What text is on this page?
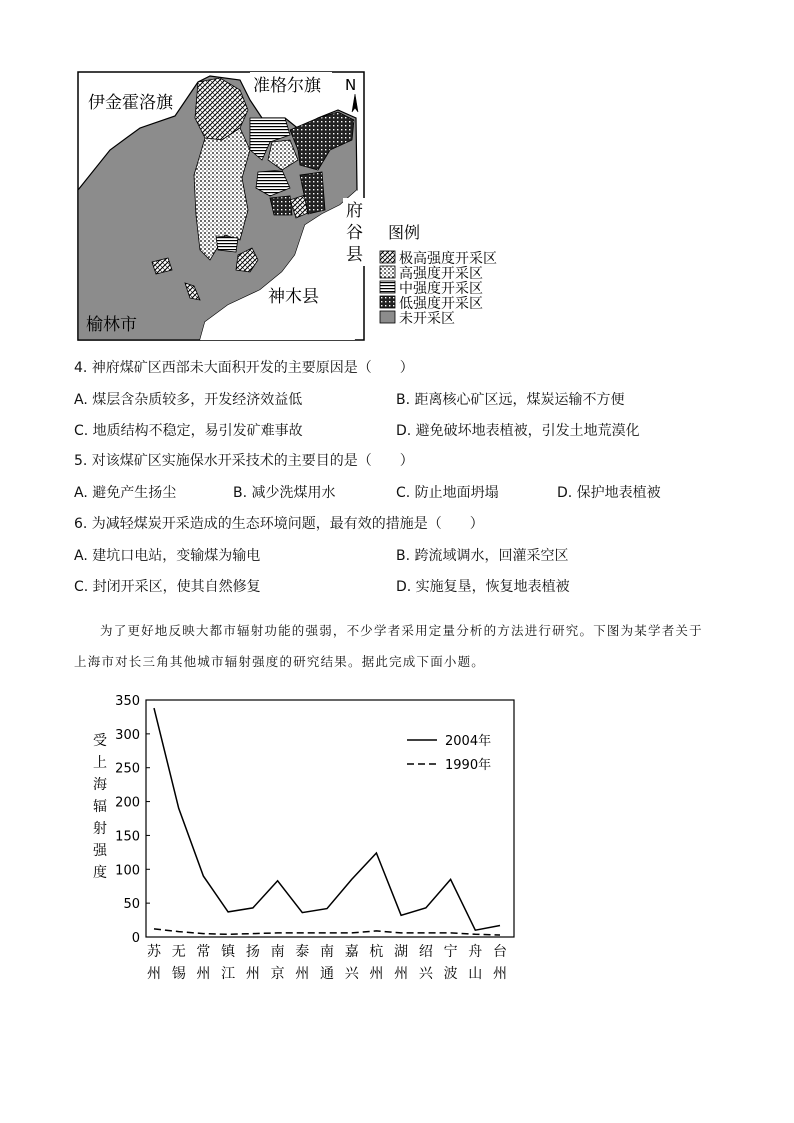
伊金霍洛旗
准格尔旗 N
府
谷
县
神木县
榆林市
图例
极高强度开采区
高强度开采区
中强度开采区
低强度开采区
未开采区
4. 神府煤矿区西部未大面积开发的主要原因是（　　）
A. 煤层含杂质较多，开发经济效益低	B. 距离核心矿区远，煤炭运输不方便
C. 地质结构不稳定，易引发矿难事故	D. 避免破坏地表植被，引发土地荒漠化
5. 对该煤矿区实施保水开采技术的主要目的是（　　）
A. 避免产生扬尘	B. 减少洗煤用水	C. 防止地面坍塌	D. 保护地表植被
6. 为减轻煤炭开采造成的生态环境问题，最有效的措施是（　　）
A. 建坑口电站，变输煤为输电	B. 跨流域调水，回灌采空区
C. 封闭开采区，使其自然修复	D. 实施复垦，恢复地表植被
为了更好地反映大都市辐射功能的强弱，不少学者采用定量分析的方法进行研究。下图为某学者关于
上海市对长三角其他城市辐射强度的研究结果。据此完成下面小题。
0
50
100
150
200
250
300
350
受
上
海
辐
射
强
度
苏
州
无
锡
常
州
镇
江
扬
州
南
京
泰
州
南
通
嘉
兴
杭
州
湖
州
绍
兴
宁
波
舟
山
台
州
2004年
1990年
